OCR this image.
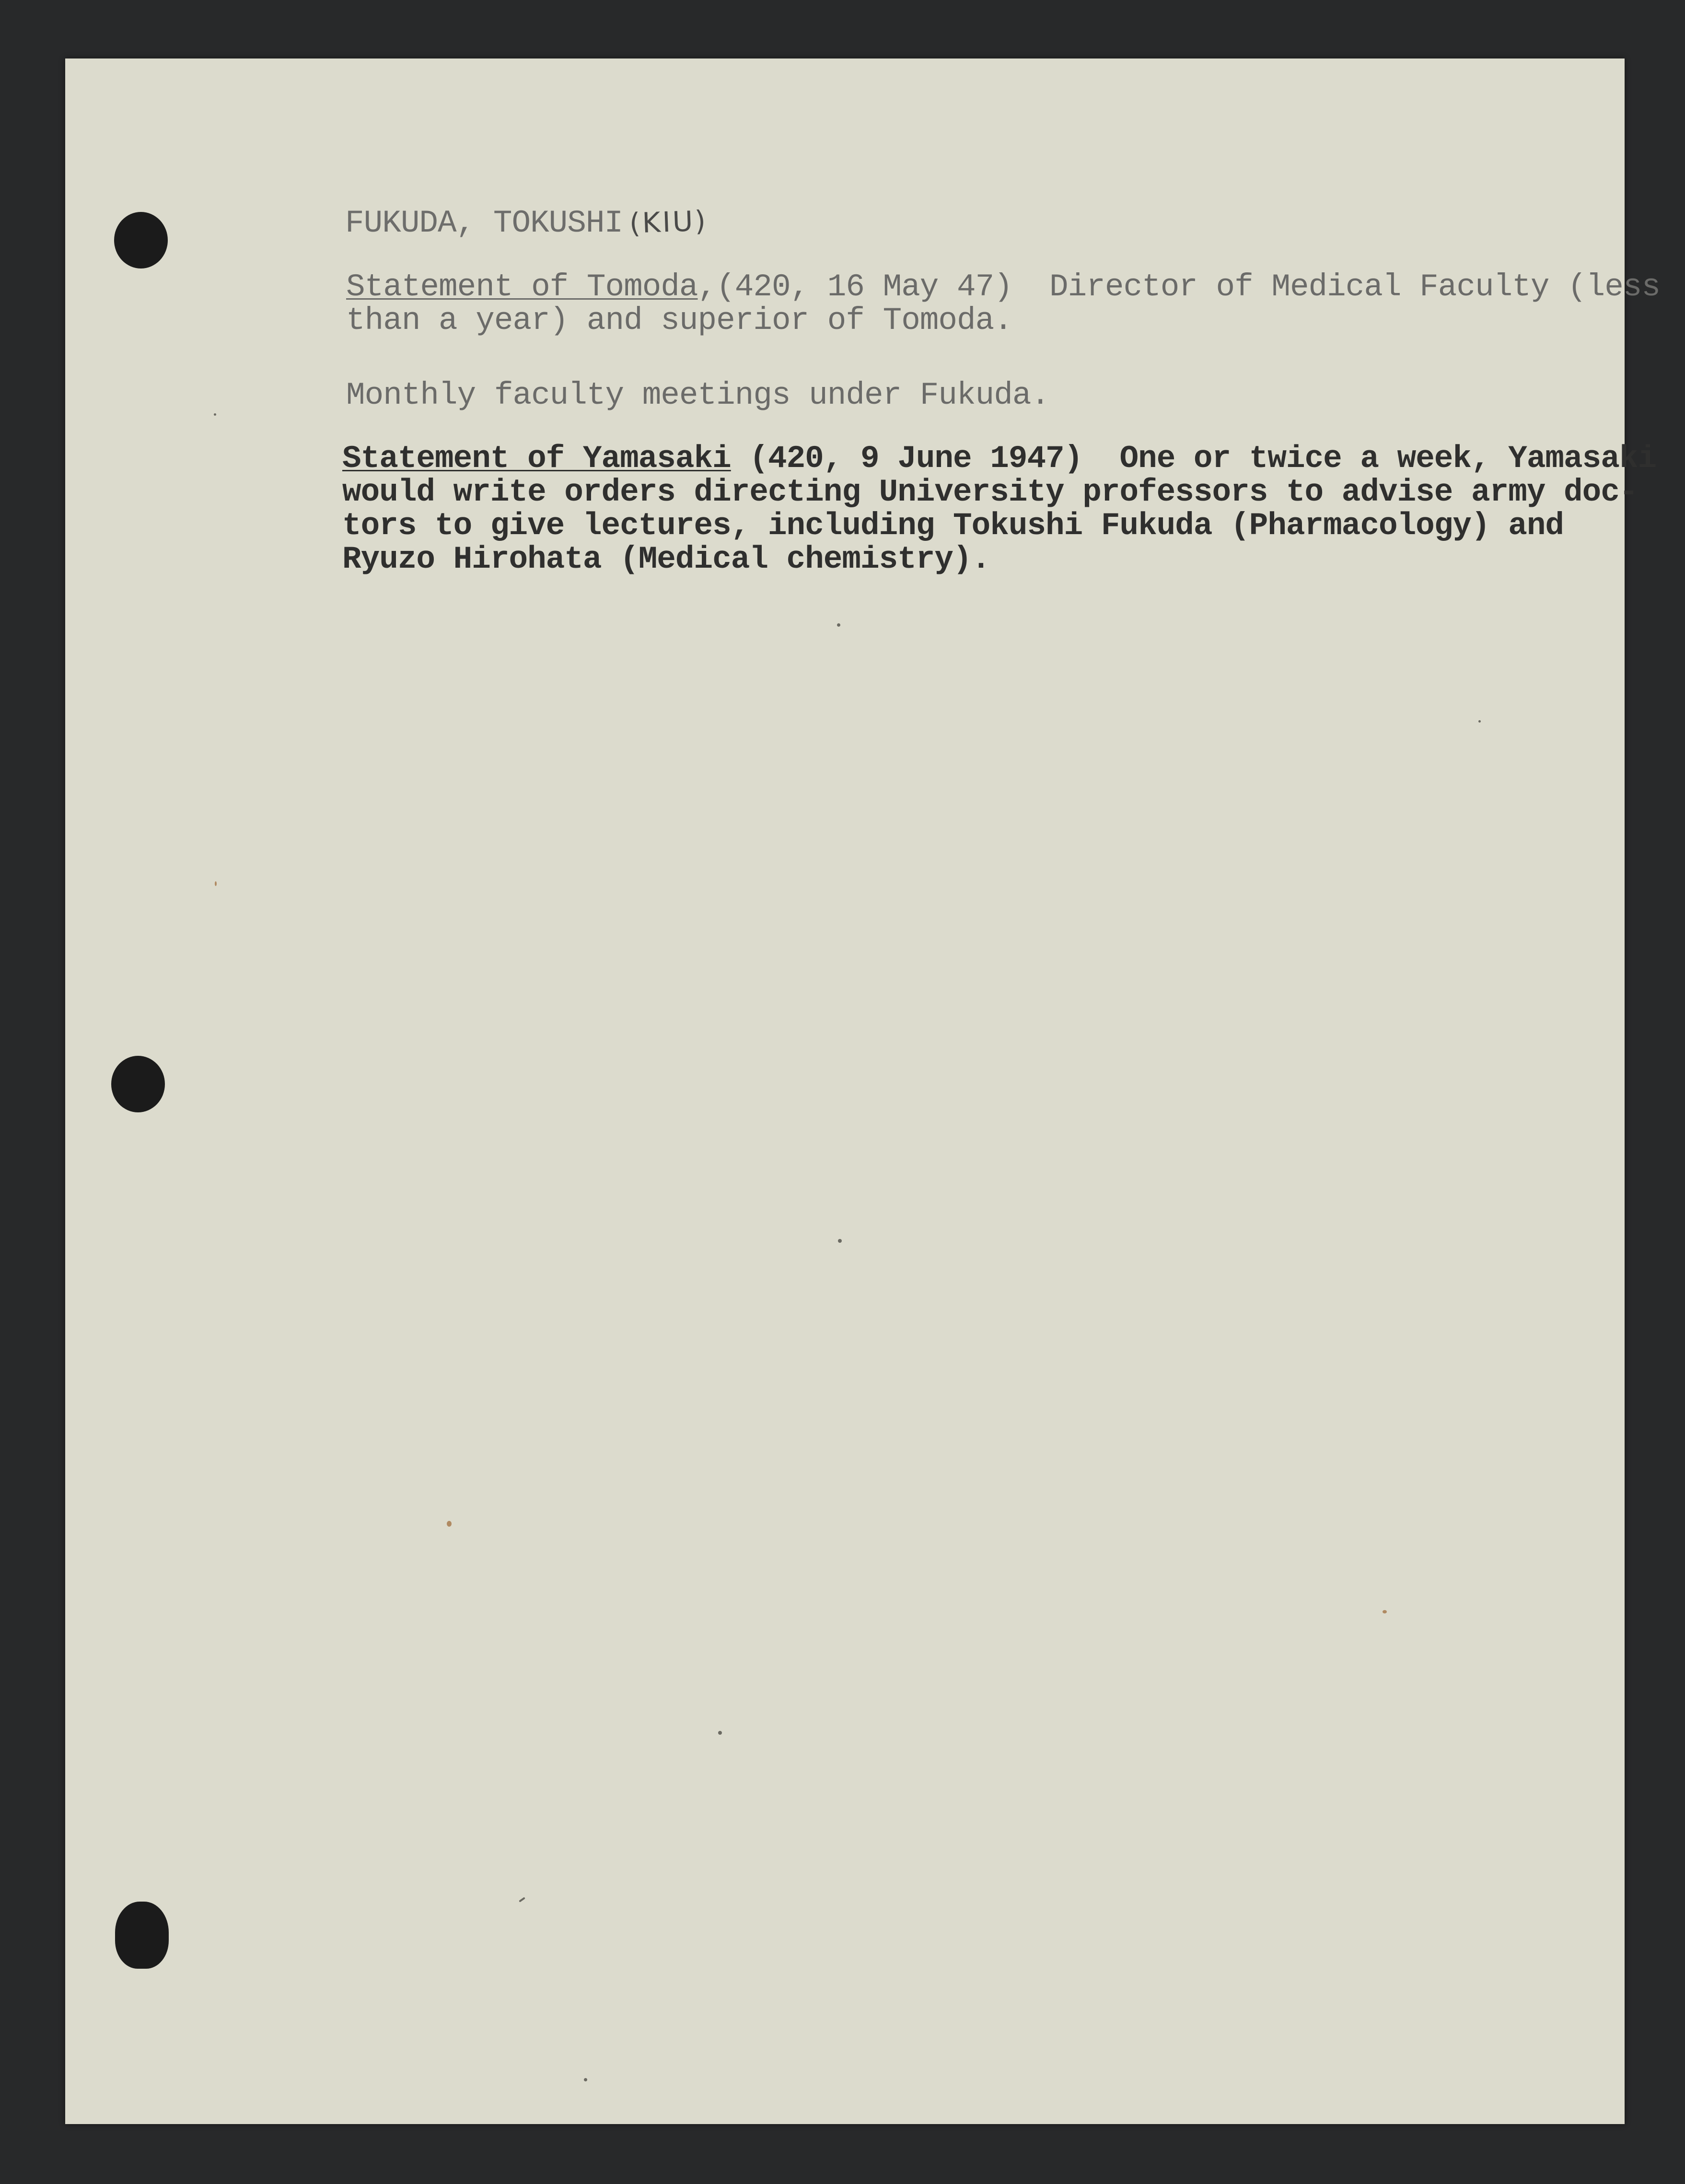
FUKUDA, TOKUSHI (KIU)
Statement of Tomoda,(420, 16 May 47)  Director of Medical Faculty (less
than a year) and superior of Tomoda.
Monthly faculty meetings under Fukuda.
Statement of Yamasaki (420, 9 June 1947)  One or twice a week, Yamasaki
would write orders directing University professors to advise army doc-
tors to give lectures, including Tokushi Fukuda (Pharmacology) and
Ryuzo Hirohata (Medical chemistry).
